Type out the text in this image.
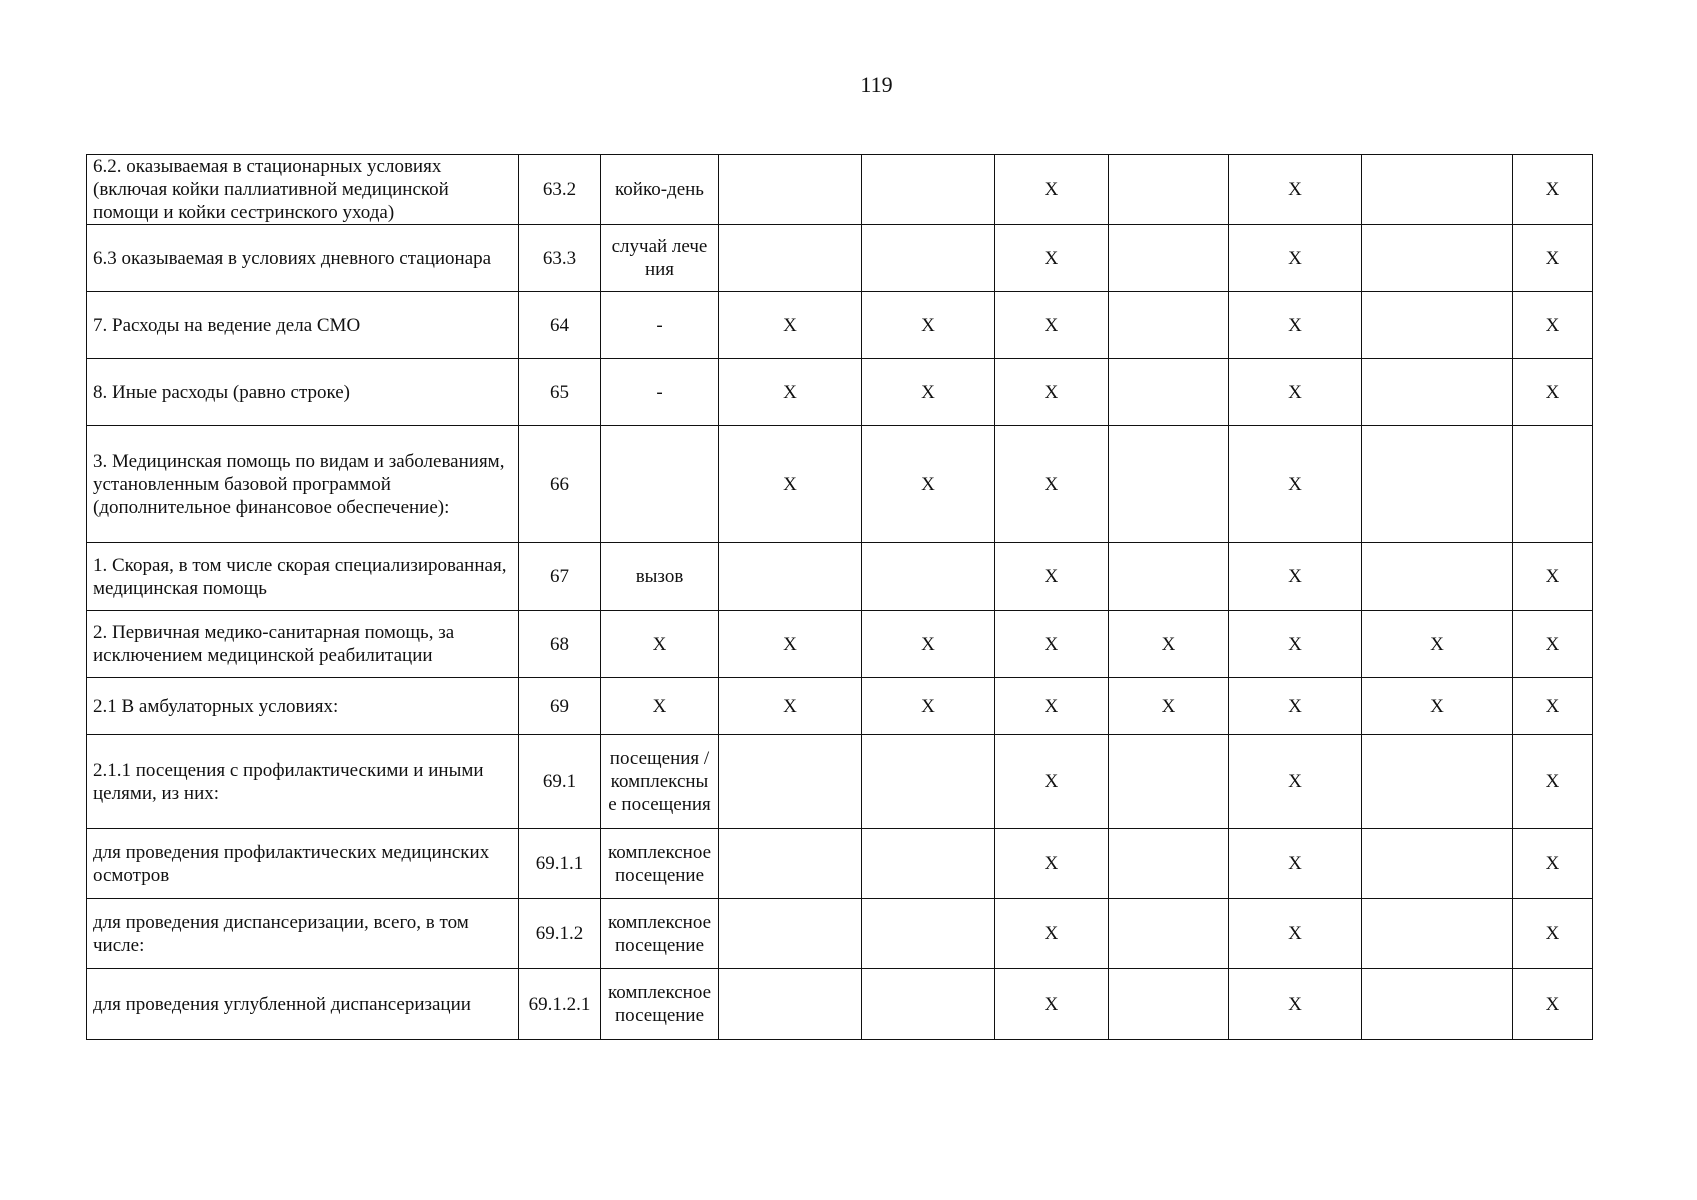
119
6.2. оказываемая в стационарных условиях (включая койки паллиативной медицинской помощи и койки сестринского ухода)	63.2	койко-день			X		X		X
6.3 оказываемая в условиях дневного стационара	63.3	случай лечения			X		X		X
7. Расходы на ведение дела СМО	64	-	X	X	X		X		X
8. Иные расходы (равно строке)	65	-	X	X	X		X		X
3. Медицинская помощь по видам и заболеваниям, установленным базовой программой (дополнительное финансовое обеспечение):	66		X	X	X		X		
1. Скорая, в том числе скорая специализированная, медицинская помощь	67	вызов			X		X		X
2. Первичная медико-санитарная помощь, за исключением медицинской реабилитации	68	X	X	X	X	X	X	X	X
2.1 В амбулаторных условиях:	69	X	X	X	X	X	X	X	X
2.1.1 посещения с профилактическими и иными целями, из них:	69.1	посещения /комплексные посещения			X		X		X
для проведения профилактических медицинских осмотров	69.1.1	комплексное посещение			X		X		X
для проведения диспансеризации, всего, в том числе:	69.1.2	комплексное посещение			X		X		X
для проведения углубленной диспансеризации	69.1.2.1	комплексное посещение			X		X		X
